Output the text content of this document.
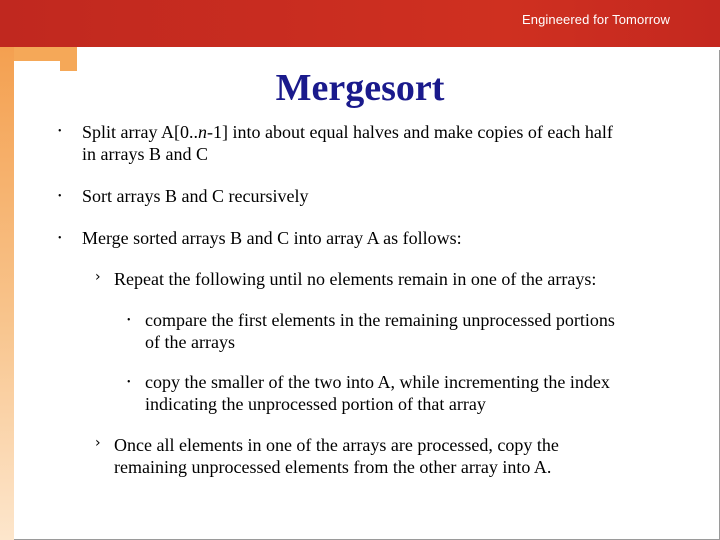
Engineered for Tomorrow
Mergesort
• Split array A[0..n-1] into about equal halves and make copies of each half
in arrays B and C
• Sort arrays B and C recursively
• Merge sorted arrays B and C into array A as follows:
› Repeat the following until no elements remain in one of the arrays:
• compare the first elements in the remaining unprocessed portions
of the arrays
• copy the smaller of the two into A, while incrementing the index
indicating the unprocessed portion of that array
› Once all elements in one of the arrays are processed, copy the
remaining unprocessed elements from the other array into A.
